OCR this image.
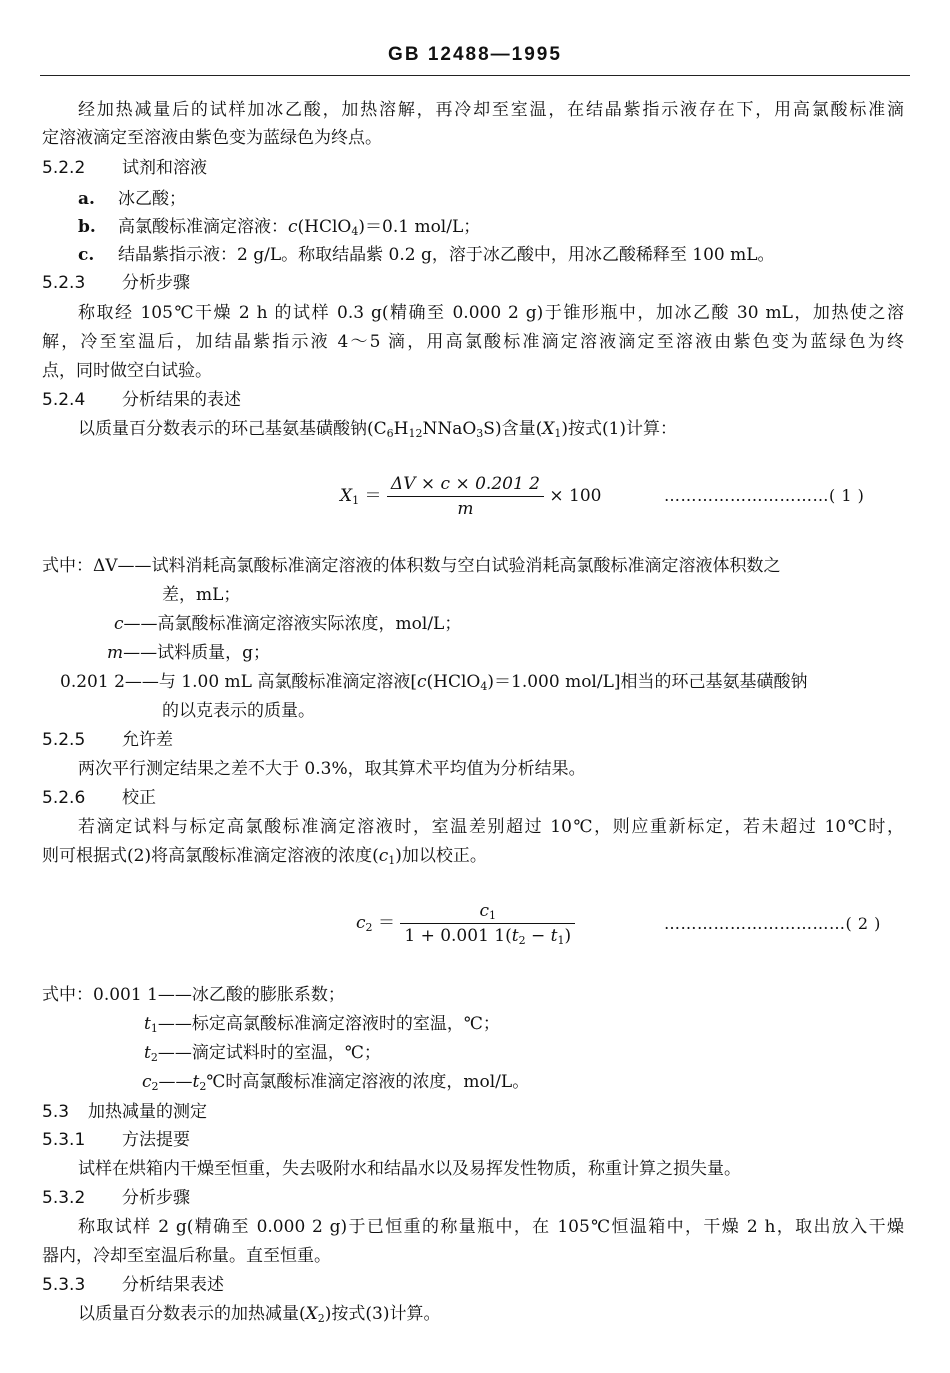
GB 12488—1995
经加热减量后的试样加冰乙酸，加热溶解，再冷却至室温，在结晶紫指示液存在下，用高氯酸标准滴
定溶液滴定至溶液由紫色变为蓝绿色为终点。
5.2.2 试剂和溶液
a. 冰乙酸；
b. 高氯酸标准滴定溶液：c(HClO$_4$)＝0.1 mol/L；
c. 结晶紫指示液：2 g/L。称取结晶紫 0.2 g，溶于冰乙酸中，用冰乙酸稀释至 100 mL。
5.2.3 分析步骤
称取经 105℃干燥 2 h 的试样 0.3 g(精确至 0.000 2 g)于锥形瓶中，加冰乙酸 30 mL，加热使之溶
解，冷至室温后，加结晶紫指示液 4～5 滴，用高氯酸标准滴定溶液滴定至溶液由紫色变为蓝绿色为终
点，同时做空白试验。
5.2.4 分析结果的表述
以质量百分数表示的环己基氨基磺酸钠$(C_6H_{12}NNaO_3S)$含量$(X_1)$按式(1)计算：
$X_1 = \frac{\Delta V \times c \times 0.201 2}{m} \times 100$	…………………………( 1 )
式中：ΔV——试料消耗高氯酸标准滴定溶液的体积数与空白试验消耗高氯酸标准滴定溶液体积数之
差，mL；
c——高氯酸标准滴定溶液实际浓度，mol/L；
m——试料质量，g；
0.201 2——与 1.00 mL 高氯酸标准滴定溶液[c(HClO$_4$)＝1.000 mol/L]相当的环己基氨基磺酸钠
的以克表示的质量。
5.2.5 允许差
两次平行测定结果之差不大于 0.3%，取其算术平均值为分析结果。
5.2.6 校正
若滴定试料与标定高氯酸标准滴定溶液时，室温差别超过 10℃，则应重新标定，若未超过 10℃时，
则可根据式(2)将高氯酸标准滴定溶液的浓度$(c_1)$加以校正。
$c_2 = \frac{c_1}{1 + 0.001 1(t_2 - t_1)}$	……………………………( 2 )
式中：0.001 1——冰乙酸的膨胀系数；
$t_1——$标定高氯酸标准滴定溶液时的室温，℃；
$t_2——$滴定试料时的室温，℃；
$c_2——t_2℃$时高氯酸标准滴定溶液的浓度，mol/L。
5.3 加热减量的测定
5.3.1 方法提要
试样在烘箱内干燥至恒重，失去吸附水和结晶水以及易挥发性物质，称重计算之损失量。
5.3.2 分析步骤
称取试样 2 g(精确至 0.000 2 g)于已恒重的称量瓶中，在 105℃恒温箱中，干燥 2 h，取出放入干燥
器内，冷却至室温后称量。直至恒重。
5.3.3 分析结果表述
以质量百分数表示的加热减量$(X_2)$按式(3)计算。
